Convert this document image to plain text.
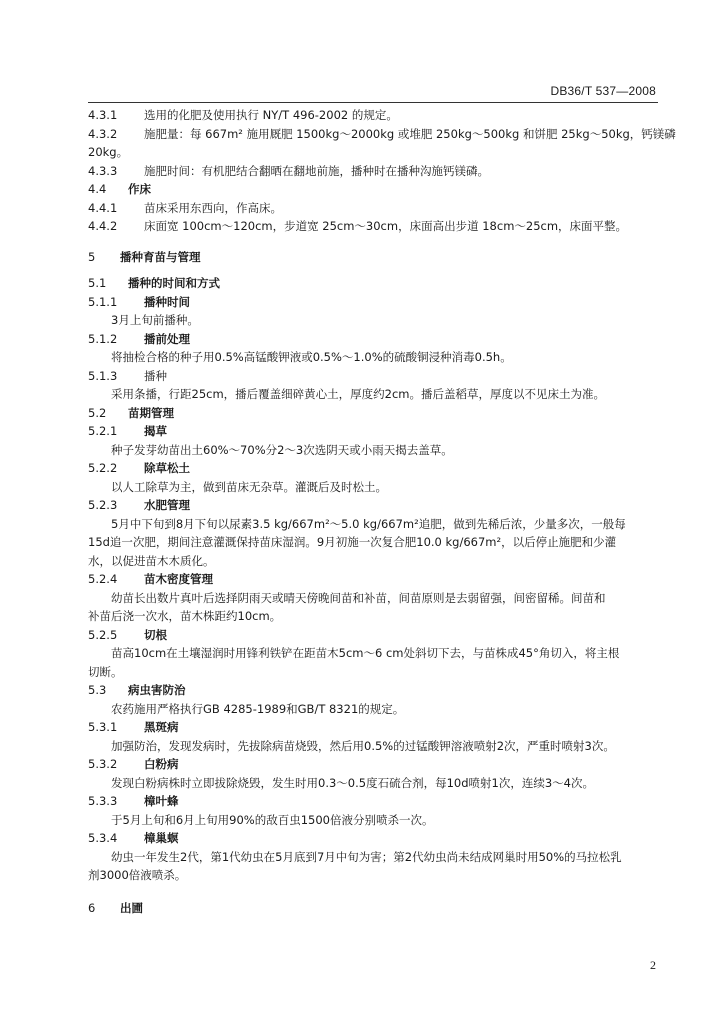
DB36/T 537—2008
4.3.1	选用的化肥及使用执行 NY/T 496-2002 的规定。
4.3.2	施肥量：每 667m² 施用厩肥 1500kg～2000kg 或堆肥 250kg～500kg 和饼肥 25kg～50kg，钙镁磷
20kg。
4.3.3	施肥时间：有机肥结合翻晒在翻地前施，播种时在播种沟施钙镁磷。
4.4	作床
4.4.1	苗床采用东西向，作高床。
4.4.2	床面宽 100cm～120cm，步道宽 25cm～30cm，床面高出步道 18cm～25cm，床面平整。
5	播种育苗与管理
5.1	播种的时间和方式
5.1.1	播种时间
3月上旬前播种。
5.1.2	播前处理
将抽检合格的种子用0.5%高锰酸钾液或0.5%～1.0%的硫酸铜浸种消毒0.5h。
5.1.3	播种
采用条播，行距25cm，播后覆盖细碎黄心土，厚度约2cm。播后盖稻草，厚度以不见床土为准。
5.2	苗期管理
5.2.1	揭草
种子发芽幼苗出土60%～70%分2～3次选阴天或小雨天揭去盖草。
5.2.2	除草松土
以人工除草为主，做到苗床无杂草。灌溉后及时松土。
5.2.3	水肥管理
5月中下旬到8月下旬以尿素3.5 kg/667m²～5.0 kg/667m²追肥，做到先稀后浓，少量多次，一般每
15d追一次肥，期间注意灌溉保持苗床湿润。9月初施一次复合肥10.0 kg/667m²，以后停止施肥和少灌
水，以促进苗木木质化。
5.2.4	苗木密度管理
幼苗长出数片真叶后选择阴雨天或晴天傍晚间苗和补苗，间苗原则是去弱留强，间密留稀。间苗和
补苗后浇一次水，苗木株距约10cm。
5.2.5	切根
苗高10cm在土壤湿润时用锋利铁铲在距苗木5cm～6 cm处斜切下去，与苗株成45°角切入，将主根
切断。
5.3	病虫害防治
农药施用严格执行GB 4285-1989和GB/T 8321的规定。
5.3.1	黑斑病
加强防治，发现发病时，先拔除病苗烧毁，然后用0.5%的过锰酸钾溶液喷射2次，严重时喷射3次。
5.3.2	白粉病
发现白粉病株时立即拔除烧毁，发生时用0.3～0.5度石硫合剂，每10d喷射1次，连续3～4次。
5.3.3	樟叶蜂
于5月上旬和6月上旬用90%的敌百虫1500倍液分别喷杀一次。
5.3.4	樟巢螟
幼虫一年发生2代，第1代幼虫在5月底到7月中旬为害；第2代幼虫尚未结成网巢时用50%的马拉松乳
剂3000倍液喷杀。
6	出圃
2
